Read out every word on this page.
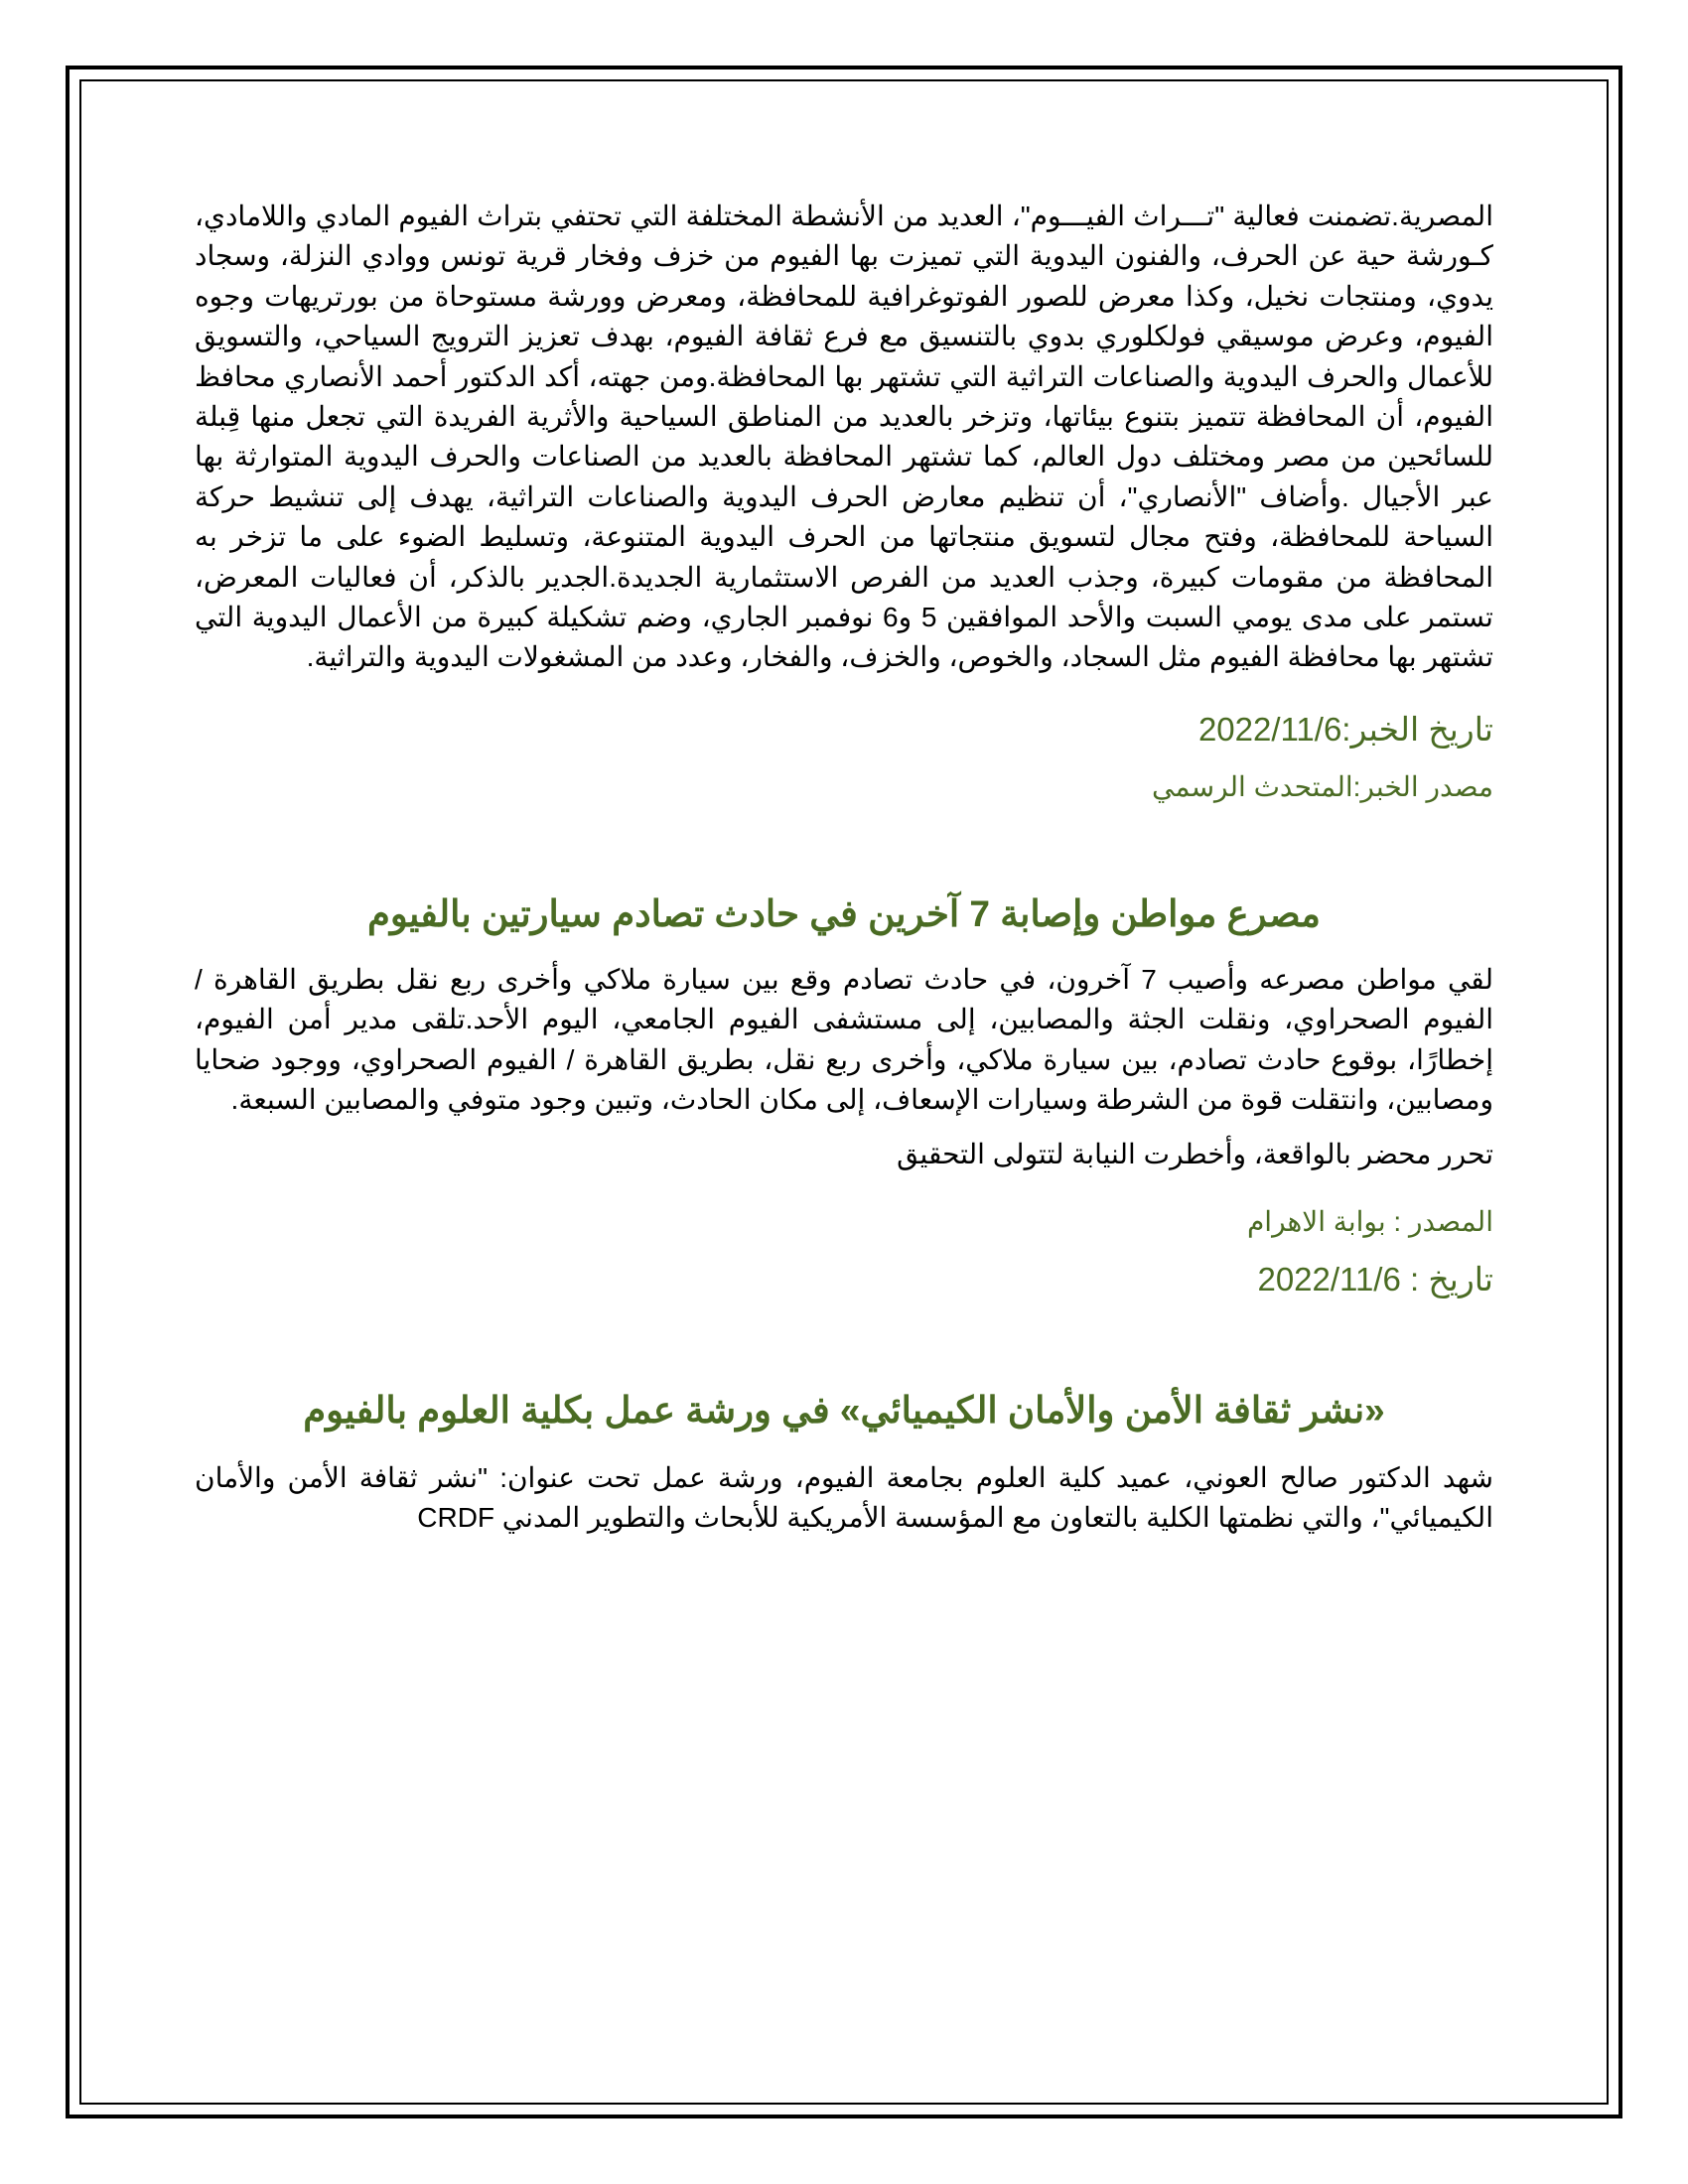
المصرية.تضمنت فعالية "تـــراث الفيـــوم"، العديد من الأنشطة المختلفة التي تحتفي بتراث الفيوم المادي واللامادي، كـورشة حية عن الحرف، والفنون اليدوية التي تميزت بها الفيوم من خزف وفخار قرية تونس ووادي النزلة، وسجاد يدوي، ومنتجات نخيل، وكذا معرض للصور الفوتوغرافية للمحافظة، ومعرض وورشة مستوحاة من بورتريهات وجوه الفيوم، وعرض موسيقي فولكلوري بدوي بالتنسيق مع فرع ثقافة الفيوم، بهدف تعزيز الترويج السياحي، والتسويق للأعمال والحرف اليدوية والصناعات التراثية التي تشتهر بها المحافظة.ومن جهته، أكد الدكتور أحمد الأنصاري محافظ الفيوم، أن المحافظة تتميز بتنوع بيئاتها، وتزخر بالعديد من المناطق السياحية والأثرية الفريدة التي تجعل منها قِبلة للسائحين من مصر ومختلف دول العالم، كما تشتهر المحافظة بالعديد من الصناعات والحرف اليدوية المتوارثة بها عبر الأجيال .وأضاف "الأنصاري"، أن تنظيم معارض الحرف اليدوية والصناعات التراثية، يهدف إلى تنشيط حركة السياحة للمحافظة، وفتح مجال لتسويق منتجاتها من الحرف اليدوية المتنوعة، وتسليط الضوء على ما تزخر به المحافظة من مقومات كبيرة، وجذب العديد من الفرص الاستثمارية الجديدة.الجدير بالذكر، أن فعاليات المعرض، تستمر على مدى يومي السبت والأحد الموافقين 5 و6 نوفمبر الجاري، وضم تشكيلة كبيرة من الأعمال اليدوية التي تشتهر بها محافظة الفيوم مثل السجاد، والخوص، والخزف، والفخار، وعدد من المشغولات اليدوية والتراثية.

تاريخ الخبر:2022/11/6

مصدر الخبر:المتحدث الرسمي

مصرع مواطن وإصابة 7 آخرين في حادث تصادم سيارتين بالفيوم

لقي مواطن مصرعه وأصيب 7 آخرون، في حادث تصادم وقع بين سيارة ملاكي وأخرى ربع نقل بطريق القاهرة / الفيوم الصحراوي، ونقلت الجثة والمصابين، إلى مستشفى الفيوم الجامعي، اليوم الأحد.تلقى مدير أمن الفيوم، إخطارًا، بوقوع حادث تصادم، بين سيارة ملاكي، وأخرى ربع نقل، بطريق القاهرة / الفيوم الصحراوي، ووجود ضحايا ومصابين، وانتقلت قوة من الشرطة وسيارات الإسعاف، إلى مكان الحادث، وتبين وجود متوفي والمصابين السبعة.

تحرر محضر بالواقعة، وأخطرت النيابة لتتولى التحقيق

المصدر : بوابة الاهرام

تاريخ : 2022/11/6

«نشر ثقافة الأمن والأمان الكيميائي» في ورشة عمل بكلية العلوم بالفيوم

شهد الدكتور صالح العوني، عميد كلية العلوم بجامعة الفيوم، ورشة عمل تحت عنوان: "نشر ثقافة الأمن والأمان الكيميائي"، والتي نظمتها الكلية بالتعاون مع المؤسسة الأمريكية للأبحاث والتطوير المدني CRDF
